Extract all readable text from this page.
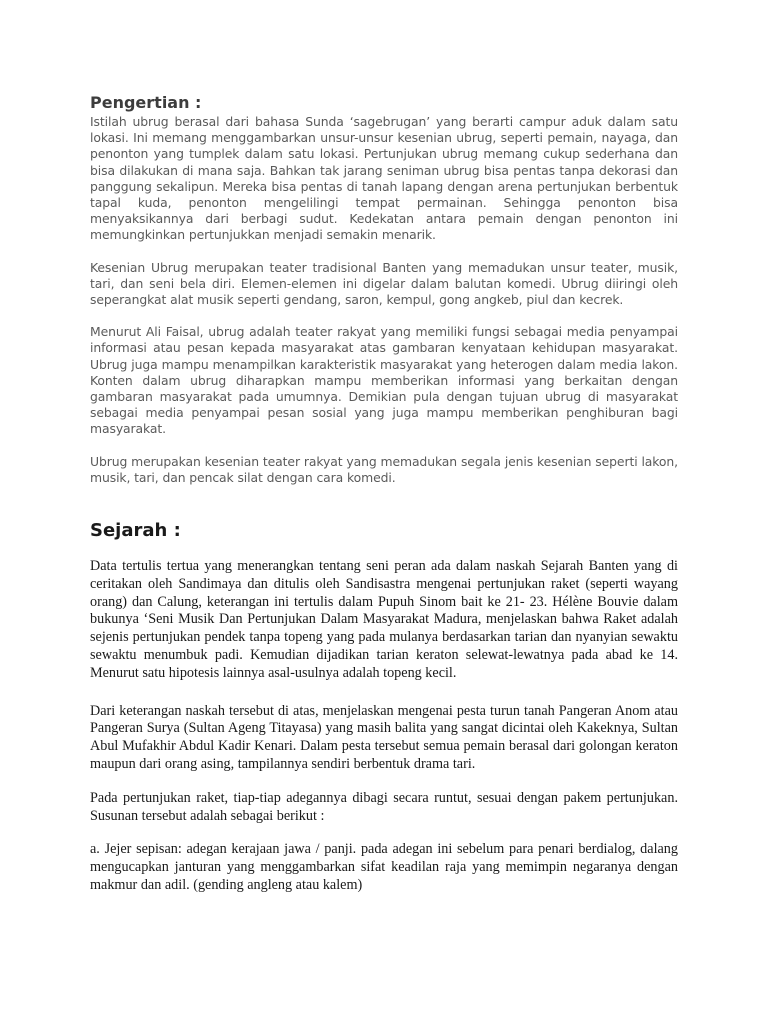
Pengertian :

Istilah ubrug berasal dari bahasa Sunda ‘sagebrugan’ yang berarti campur aduk dalam satu lokasi. Ini memang menggambarkan unsur-unsur kesenian ubrug, seperti pemain, nayaga, dan penonton yang tumplek dalam satu lokasi. Pertunjukan ubrug memang cukup sederhana dan bisa dilakukan di mana saja. Bahkan tak jarang seniman ubrug bisa pentas tanpa dekorasi dan panggung sekalipun. Mereka bisa pentas di tanah lapang dengan arena pertunjukan berbentuk tapal kuda, penonton mengelilingi tempat permainan. Sehingga penonton bisa menyaksikannya dari berbagi sudut. Kedekatan antara pemain dengan penonton ini memungkinkan pertunjukkan menjadi semakin menarik.

Kesenian Ubrug merupakan teater tradisional Banten yang memadukan unsur teater, musik, tari, dan seni bela diri. Elemen-elemen ini digelar dalam balutan komedi. Ubrug diiringi oleh seperangkat alat musik seperti gendang, saron, kempul, gong angkeb, piul dan kecrek.

Menurut Ali Faisal, ubrug adalah teater rakyat yang memiliki fungsi sebagai media penyampai informasi atau pesan kepada masyarakat atas gambaran kenyataan kehidupan masyarakat. Ubrug juga mampu menampilkan karakteristik masyarakat yang heterogen dalam media lakon. Konten dalam ubrug diharapkan mampu memberikan informasi yang berkaitan dengan gambaran masyarakat pada umumnya. Demikian pula dengan tujuan ubrug di masyarakat sebagai media penyampai pesan sosial yang juga mampu memberikan penghiburan bagi masyarakat.

Ubrug merupakan kesenian teater rakyat yang memadukan segala jenis kesenian seperti lakon, musik, tari, dan pencak silat dengan cara komedi.

Sejarah :

Data tertulis tertua yang menerangkan tentang seni peran ada dalam naskah Sejarah Banten yang di ceritakan oleh Sandimaya dan ditulis oleh Sandisastra mengenai pertunjukan raket (seperti wayang orang) dan Calung, keterangan ini tertulis dalam Pupuh Sinom bait ke 21- 23. Hélène Bouvie dalam bukunya ‘Seni Musik Dan Pertunjukan Dalam Masyarakat Madura, menjelaskan bahwa Raket adalah sejenis pertunjukan pendek tanpa topeng yang pada mulanya berdasarkan tarian dan nyanyian sewaktu sewaktu menumbuk padi. Kemudian dijadikan tarian keraton selewat-lewatnya pada abad ke 14. Menurut satu hipotesis lainnya asal-usulnya adalah topeng kecil.

Dari keterangan naskah tersebut di atas, menjelaskan mengenai pesta turun tanah Pangeran Anom atau Pangeran Surya (Sultan Ageng Titayasa) yang masih balita yang sangat dicintai oleh Kakeknya, Sultan Abul Mufakhir Abdul Kadir Kenari. Dalam pesta tersebut semua pemain berasal dari golongan keraton maupun dari orang asing, tampilannya sendiri berbentuk drama tari.

Pada pertunjukan raket, tiap-tiap adegannya dibagi secara runtut, sesuai dengan pakem pertunjukan. Susunan tersebut adalah sebagai berikut :

a. Jejer sepisan: adegan kerajaan jawa / panji. pada adegan ini sebelum para penari berdialog, dalang mengucapkan janturan yang menggambarkan sifat keadilan raja yang memimpin negaranya dengan makmur dan adil. (gending angleng atau kalem)
